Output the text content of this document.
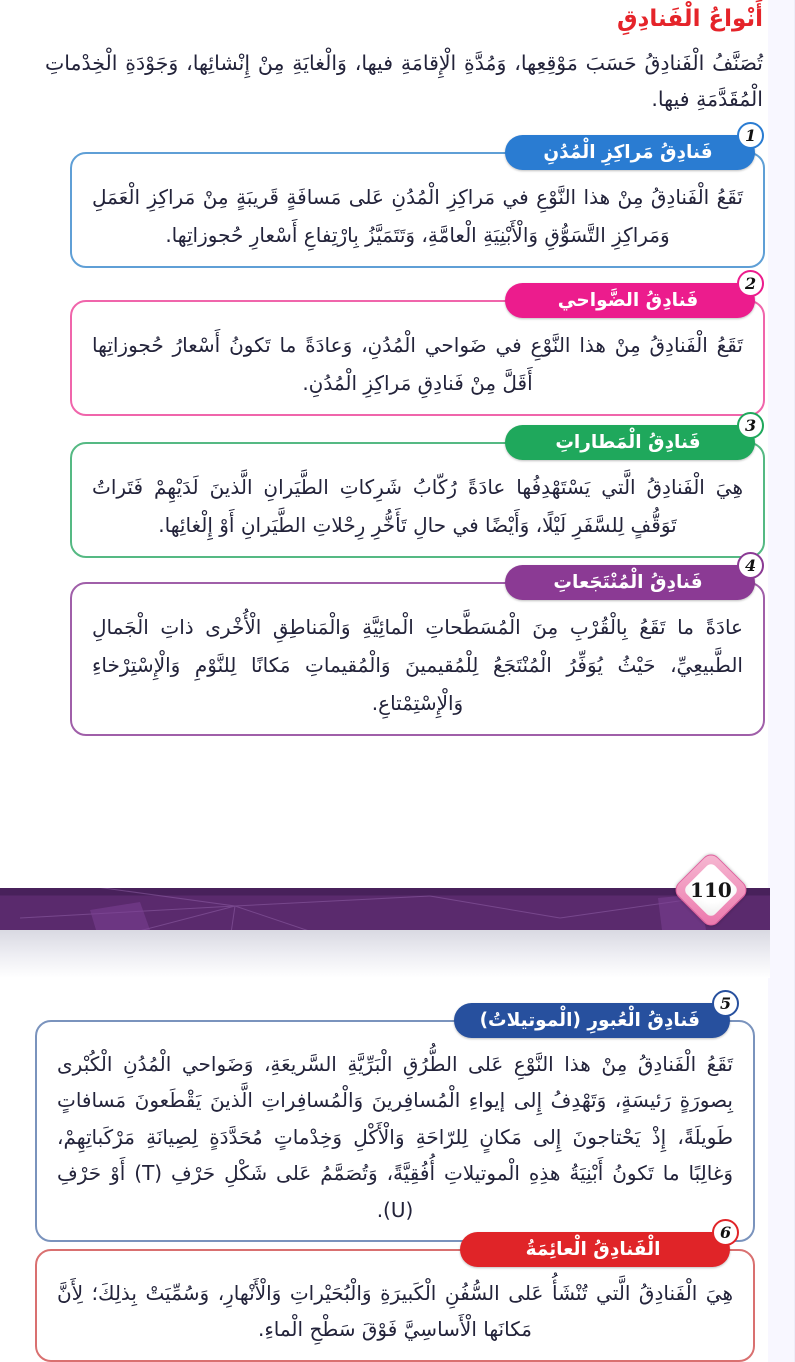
أَنْواعُ الْفَنادِقِ

تُصَنَّفُ الْفَنادِقُ حَسَبَ مَوْقِعِها، وَمُدَّةِ الْإِقامَةِ فيها، وَالْغايَةِ مِنْ إِنْشائِها، وَجَوْدَةِ الْخِدْماتِ الْمُقَدَّمَةِ فيها.

فَنادِقُ مَراكِزِ الْمُدُنِ
1

تَقَعُ الْفَنادِقُ مِنْ هذا النَّوْعِ في مَراكِزِ الْمُدُنِ عَلى مَسافَةٍ قَريبَةٍ مِنْ مَراكِزِ الْعَمَلِ وَمَراكِزِ التَّسَوُّقِ وَالْأَبْنِيَةِ الْعامَّةِ، وَتَتَمَيَّزُ بِارْتِفاعِ أَسْعارِ حُجوزاتِها.

فَنادِقُ الضَّواحي
2

تَقَعُ الْفَنادِقُ مِنْ هذا النَّوْعِ في ضَواحي الْمُدُنِ، وَعادَةً ما تَكونُ أَسْعارُ حُجوزاتِها أَقَلَّ مِنْ فَنادِقِ مَراكِزِ الْمُدُنِ.

فَنادِقُ الْمَطاراتِ
3

هِيَ الْفَنادِقُ الَّتي يَسْتَهْدِفُها عادَةً رُكّابُ شَرِكاتِ الطَّيَرانِ الَّذينَ لَدَيْهِمْ فَتَراتُ تَوَقُّفٍ لِلسَّفَرِ لَيْلًا، وَأَيْضًا في حالِ تَأَخُّرِ رِحْلاتِ الطَّيَرانِ أَوْ إِلْغائِها.

فَنادِقُ الْمُنْتَجَعاتِ
4

عادَةً ما تَقَعُ بِالْقُرْبِ مِنَ الْمُسَطَّحاتِ الْمائِيَّةِ وَالْمَناطِقِ الْأُخْرى ذاتِ الْجَمالِ الطَّبيعِيِّ، حَيْثُ يُوَفِّرُ الْمُنْتَجَعُ لِلْمُقيمينَ وَالْمُقيماتِ مَكانًا لِلنَّوْمِ وَالْإِسْتِرْخاءِ وَالْإِسْتِمْتاعِ.

110
فَنادِقُ الْعُبورِ (الْموتيلاتُ)
5

تَقَعُ الْفَنادِقُ مِنْ هذا النَّوْعِ عَلى الطُّرُقِ الْبَرِّيَّةِ السَّريعَةِ، وَضَواحي الْمُدُنِ الْكُبْرى بِصورَةٍ رَئيسَةٍ، وَتَهْدِفُ إِلى إيواءِ الْمُسافِرينَ وَالْمُسافِراتِ الَّذينَ يَقْطَعونَ مَسافاتٍ طَويلَةً، إِذْ يَحْتاجونَ إِلى مَكانٍ لِلرّاحَةِ وَالْأَكْلِ وَخِدْماتٍ مُحَدَّدَةٍ لِصِيانَةِ مَرْكَباتِهِمْ، وَغالِبًا ما تَكونُ أَبْنِيَةُ هذِهِ الْموتيلاتِ أُفُقِيَّةً، وَتُصَمَّمُ عَلى شَكْلِ حَرْفِ (T) أَوْ حَرْفِ (U).

الْفَنادِقُ الْعائِمَةُ
6

هِيَ الْفَنادِقُ الَّتي تُنْشَأُ عَلى السُّفُنِ الْكَبيرَةِ وَالْبُحَيْراتِ وَالْأَنْهارِ، وَسُمِّيَتْ بِذلِكَ؛ لِأَنَّ مَكانَها الْأَساسِيَّ فَوْقَ سَطْحِ الْماءِ.
